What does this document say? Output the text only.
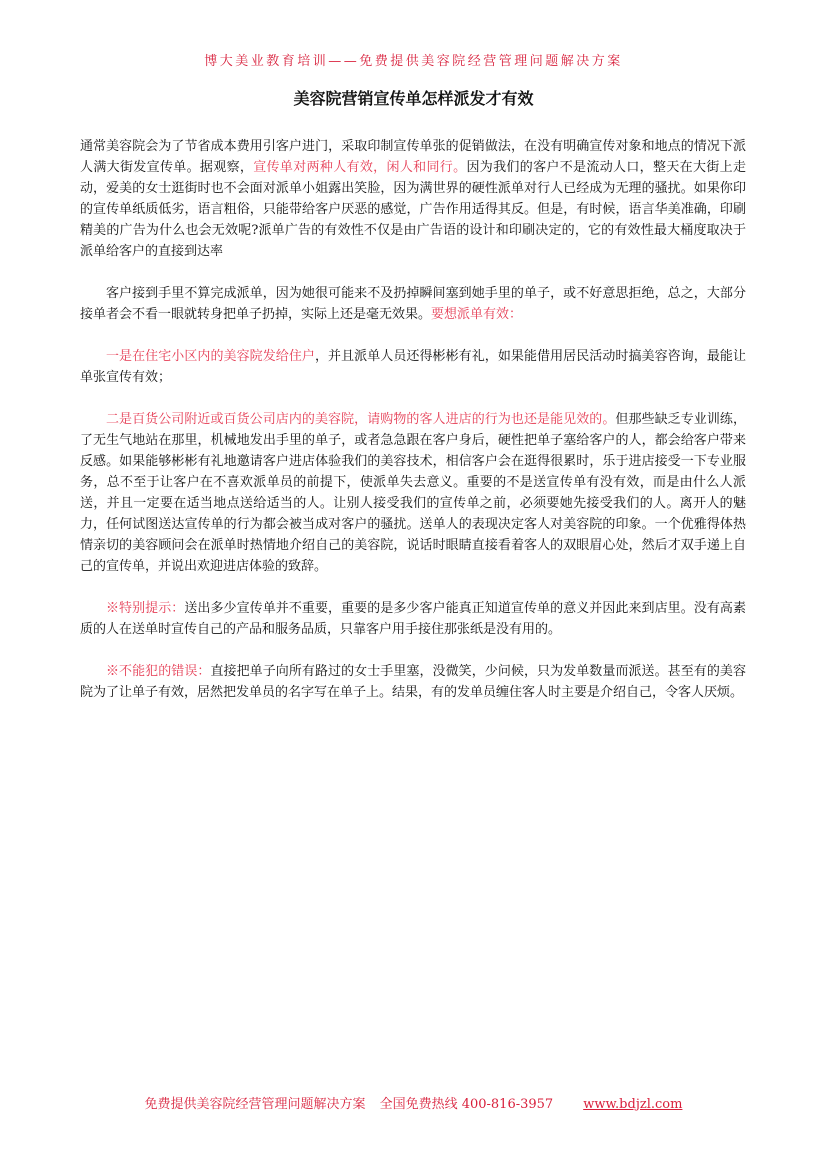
博大美业教育培训——免费提供美容院经营管理问题解决方案
美容院营销宣传单怎样派发才有效

通常美容院会为了节省成本费用引客户进门，采取印制宣传单张的促销做法，在没有明确宣传对象和地点的情况下派人满大街发宣传单。据观察，宣传单对两种人有效，闲人和同行。因为我们的客户不是流动人口，整天在大街上走动，爱美的女士逛街时也不会面对派单小姐露出笑脸，因为满世界的硬性派单对行人已经成为无理的骚扰。如果你印的宣传单纸质低劣，语言粗俗，只能带给客户厌恶的感觉，广告作用适得其反。但是，有时候，语言华美准确，印刷精美的广告为什么也会无效呢?派单广告的有效性不仅是由广告语的设计和印刷决定的，它的有效性最大桶度取决于派单给客户的直接到达率

客户接到手里不算完成派单，因为她很可能来不及扔掉瞬间塞到她手里的单子，或不好意思拒绝，总之，大部分接单者会不看一眼就转身把单子扔掉，实际上还是毫无效果。要想派单有效：

一是在住宅小区内的美容院发给住户，并且派单人员还得彬彬有礼，如果能借用居民活动时搞美容咨询，最能让单张宣传有效；

二是百货公司附近或百货公司店内的美容院，请购物的客人进店的行为也还是能见效的。但那些缺乏专业训练，了无生气地站在那里，机械地发出手里的单子，或者急急跟在客户身后，硬性把单子塞给客户的人，都会给客户带来反感。如果能够彬彬有礼地邀请客户进店体验我们的美容技术，相信客户会在逛得很累时，乐于进店接受一下专业服务，总不至于让客户在不喜欢派单员的前提下，使派单失去意义。重要的不是送宣传单有没有效，而是由什么人派送，并且一定要在适当地点送给适当的人。让别人接受我们的宣传单之前，必须要她先接受我们的人。离开人的魅力，任何试图送达宣传单的行为都会被当成对客户的骚扰。送单人的表现决定客人对美容院的印象。一个优雅得体热情亲切的美容顾问会在派单时热情地介绍自己的美容院，说话时眼睛直接看着客人的双眼眉心处，然后才双手递上自己的宣传单，并说出欢迎进店体验的致辞。

※特别提示：送出多少宣传单并不重要，重要的是多少客户能真正知道宣传单的意义并因此来到店里。没有高素质的人在送单时宣传自己的产品和服务品质，只靠客户用手接住那张纸是没有用的。

※不能犯的错误：直接把单子向所有路过的女士手里塞，没微笑，少问候，只为发单数量而派送。甚至有的美容院为了让单子有效，居然把发单员的名字写在单子上。结果，有的发单员缠住客人时主要是介绍自己，令客人厌烦。

免费提供美容院经营管理问题解决方案 全国免费热线 400-816-3957 www.bdjzl.com
